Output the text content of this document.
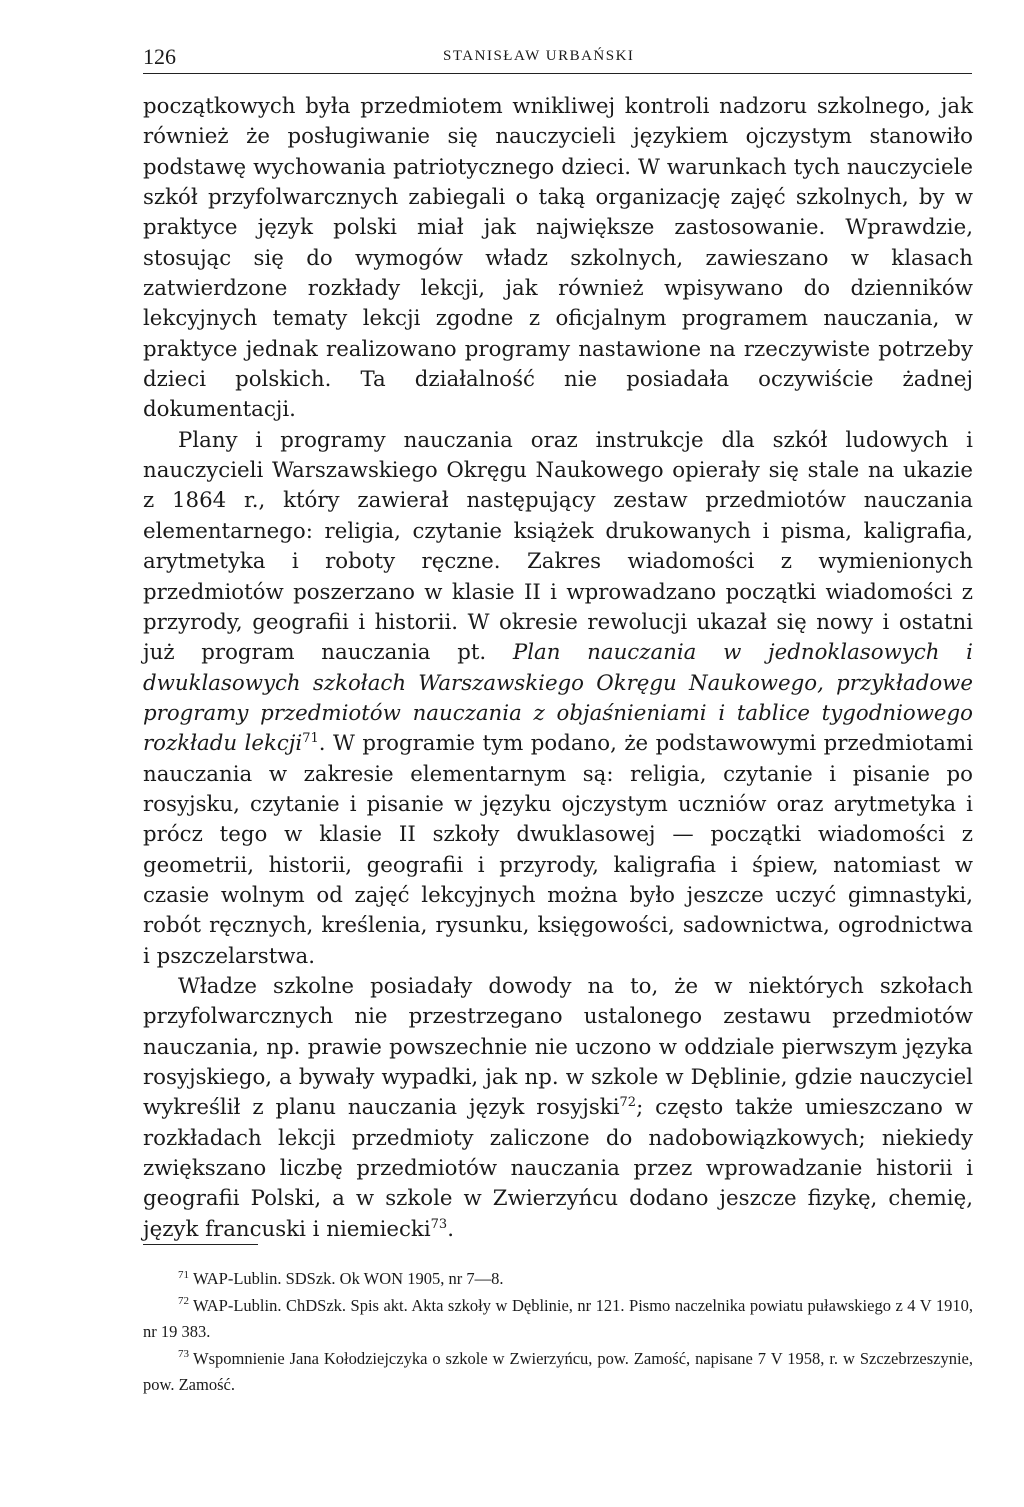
126	STANISŁAW URBAŃSKI

początkowych była przedmiotem wnikliwej kontroli nadzoru szkolnego, jak również że posługiwanie się nauczycieli językiem ojczystym stanowiło podstawę wychowania patriotycznego dzieci. W warunkach tych nauczyciele szkół przyfolwarcznych zabiegali o taką organizację zajęć szkolnych, by w praktyce język polski miał jak największe zastosowanie. Wprawdzie, stosując się do wymogów władz szkolnych, zawieszano w klasach zatwierdzone rozkłady lekcji, jak również wpisywano do dzienników lekcyjnych tematy lekcji zgodne z oficjalnym programem nauczania, w praktyce jednak realizowano programy nastawione na rzeczywiste potrzeby dzieci polskich. Ta działalność nie posiadała oczywiście żadnej dokumentacji.

Plany i programy nauczania oraz instrukcje dla szkół ludowych i nauczycieli Warszawskiego Okręgu Naukowego opierały się stale na ukazie z 1864 r., który zawierał następujący zestaw przedmiotów nauczania elementarnego: religia, czytanie książek drukowanych i pisma, kaligrafia, arytmetyka i roboty ręczne. Zakres wiadomości z wymienionych przedmiotów poszerzano w klasie II i wprowadzano początki wiadomości z przyrody, geografii i historii. W okresie rewolucji ukazał się nowy i ostatni już program nauczania pt. Plan nauczania w jednoklasowych i dwuklasowych szkołach Warszawskiego Okręgu Naukowego, przykładowe programy przedmiotów nauczania z objaśnieniami i tablice tygodniowego rozkładu lekcji$^{71}$. W programie tym podano, że podstawowymi przedmiotami nauczania w zakresie elementarnym są: religia, czytanie i pisanie po rosyjsku, czytanie i pisanie w języku ojczystym uczniów oraz arytmetyka i prócz tego w klasie II szkoły dwuklasowej — początki wiadomości z geometrii, historii, geografii i przyrody, kaligrafia i śpiew, natomiast w czasie wolnym od zajęć lekcyjnych można było jeszcze uczyć gimnastyki, robót ręcznych, kreślenia, rysunku, księgowości, sadownictwa, ogrodnictwa i pszczelarstwa.

Władze szkolne posiadały dowody na to, że w niektórych szkołach przyfolwarcznych nie przestrzegano ustalonego zestawu przedmiotów nauczania, np. prawie powszechnie nie uczono w oddziale pierwszym języka rosyjskiego, a bywały wypadki, jak np. w szkole w Dęblinie, gdzie nauczyciel wykreślił z planu nauczania język rosyjski$^{72}$; często także umieszczano w rozkładach lekcji przedmioty zaliczone do nadobowiązkowych; niekiedy zwiększano liczbę przedmiotów nauczania przez wprowadzanie historii i geografii Polski, a w szkole w Zwierzyńcu dodano jeszcze fizykę, chemię, język francuski i niemiecki$^{73}$.

$^{71}$ WAP-Lublin. SDSzk. Ok WON 1905, nr 7—8.

$^{72}$ WAP-Lublin. ChDSzk. Spis akt. Akta szkoły w Dęblinie, nr 121. Pismo naczelnika powiatu puławskiego z 4 V 1910, nr 19 383.

$^{73}$ Wspomnienie Jana Kołodziejczyka o szkole w Zwierzyńcu, pow. Zamość, napisane 7 V 1958, r. w Szczebrzeszynie, pow. Zamość.
